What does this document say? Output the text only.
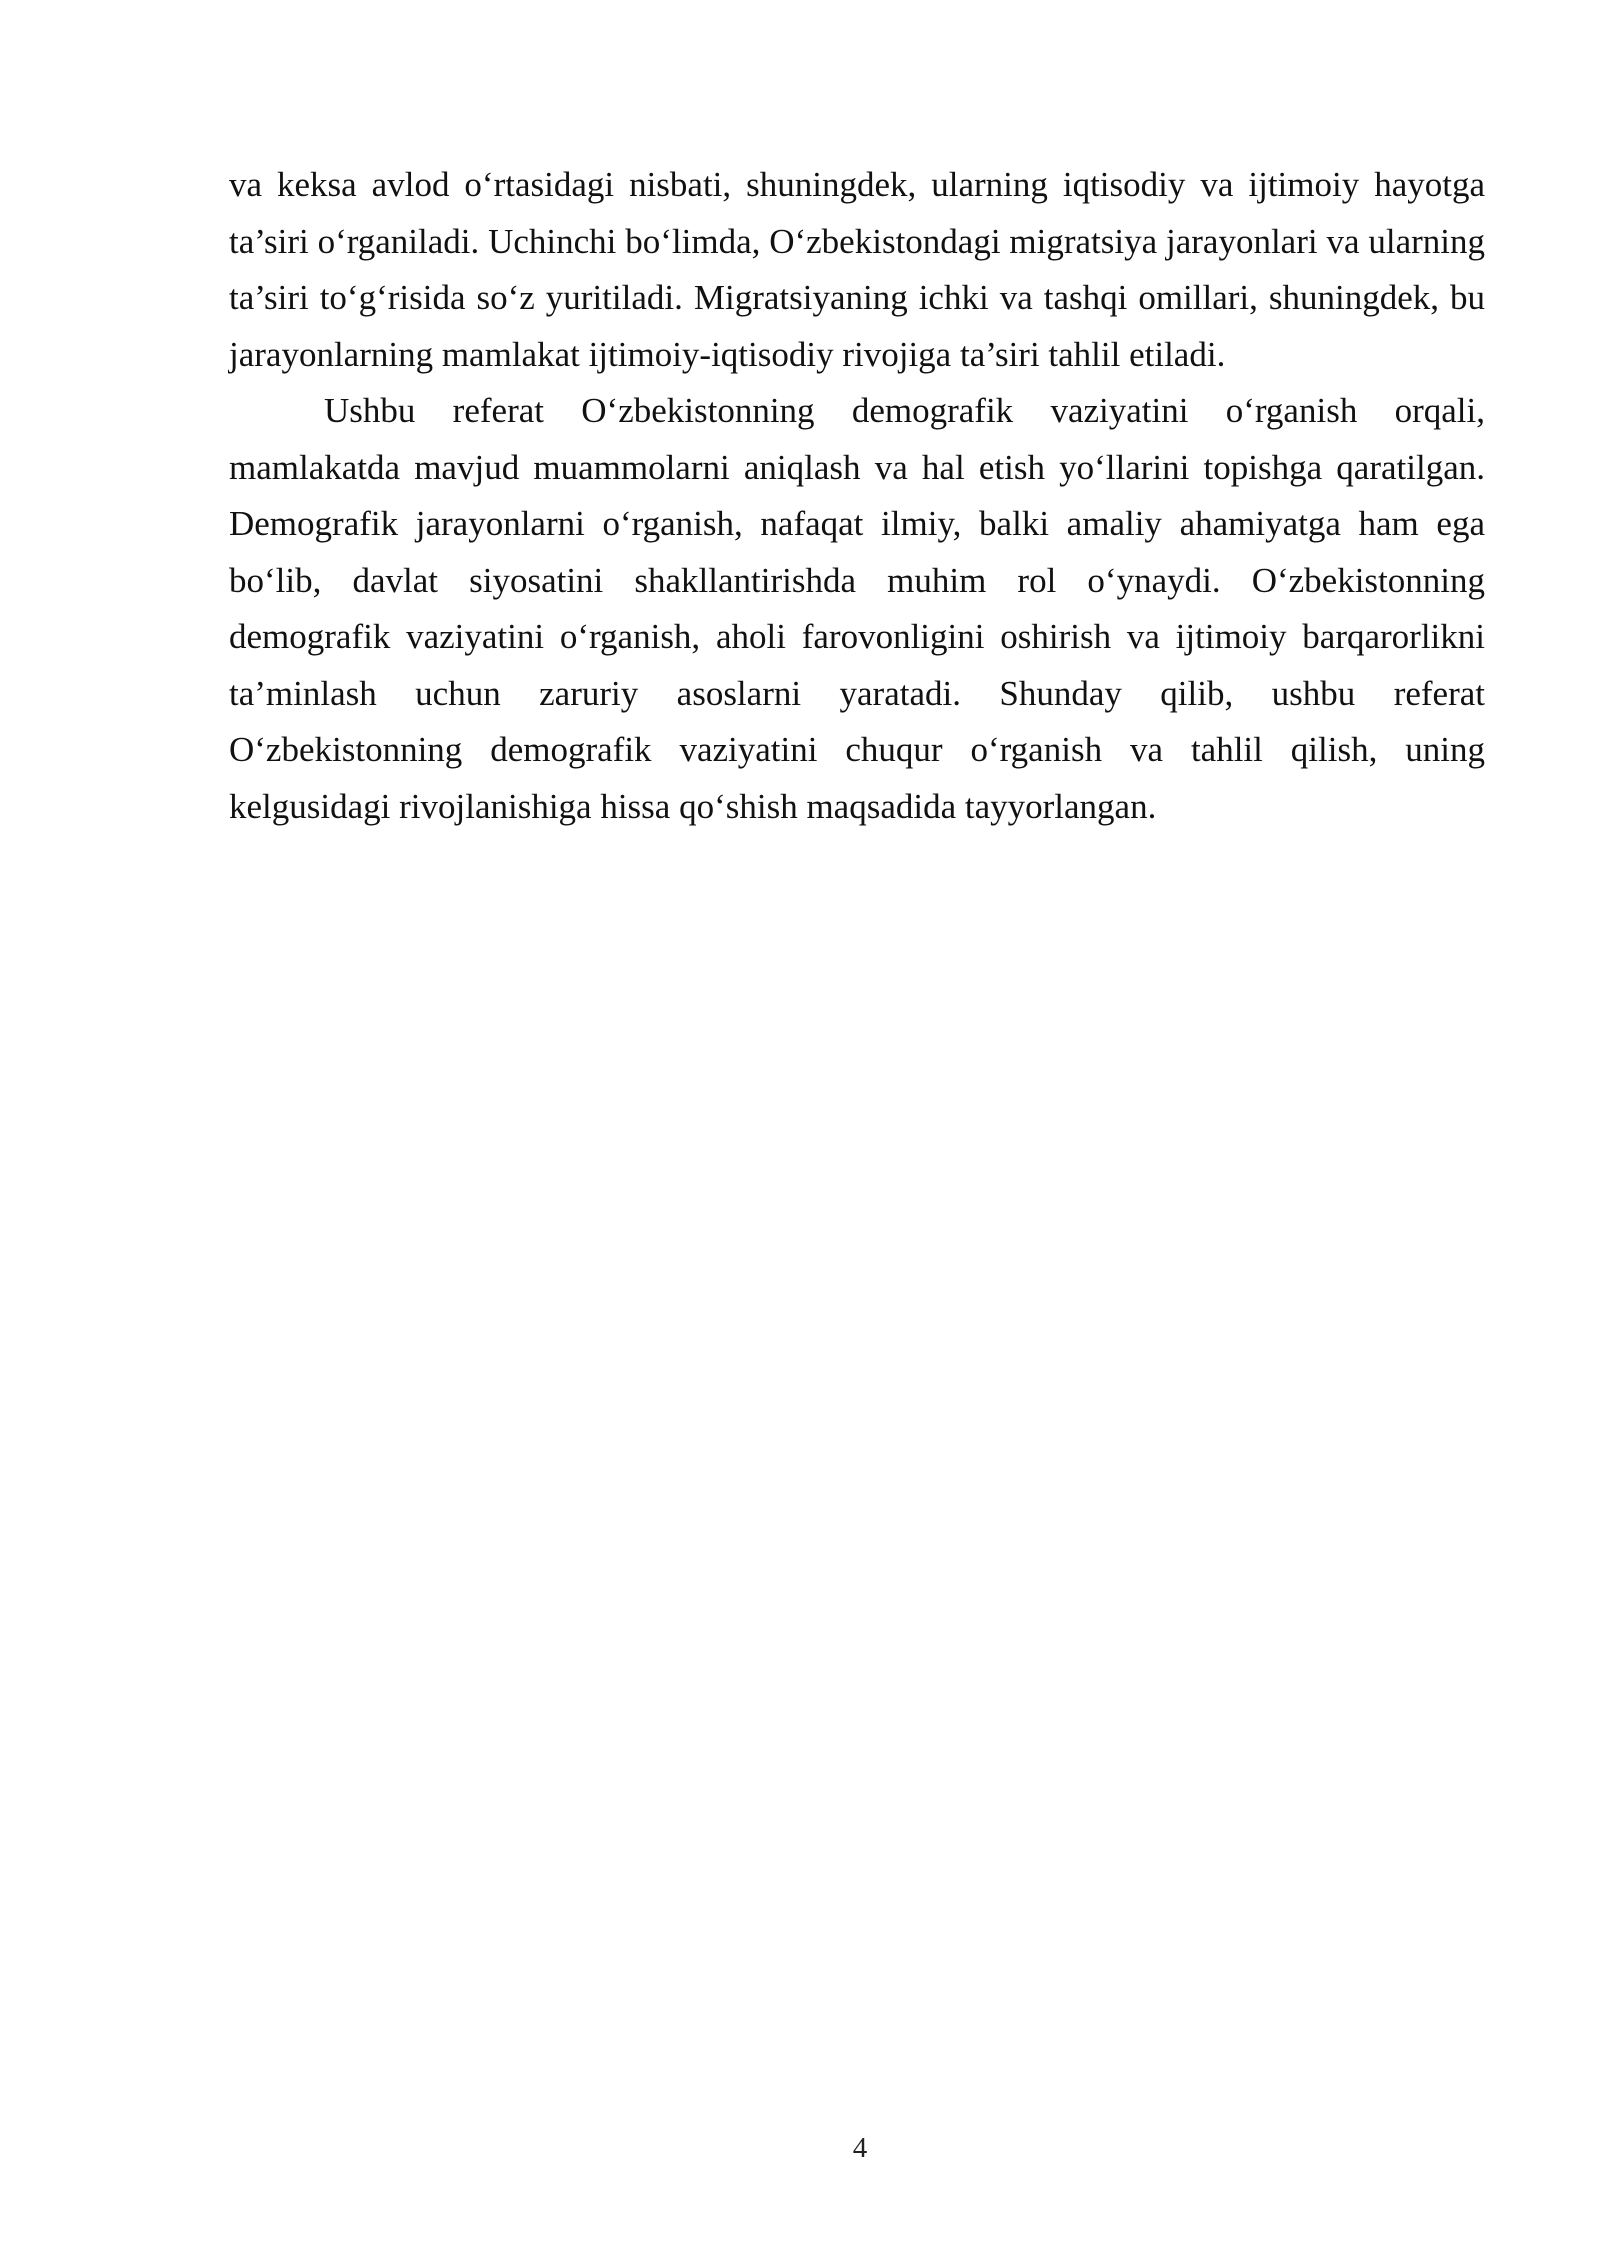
va keksa avlod o‘rtasidagi nisbati, shuningdek, ularning iqtisodiy va ijtimoiy hayotga ta’siri o‘rganiladi. Uchinchi bo‘limda, O‘zbekistondagi migratsiya jarayonlari va ularning ta’siri to‘g‘risida so‘z yuritiladi. Migratsiyaning ichki va tashqi omillari, shuningdek, bu jarayonlarning mamlakat ijtimoiy-iqtisodiy rivojiga ta’siri tahlil etiladi.

Ushbu referat O‘zbekistonning demografik vaziyatini o‘rganish orqali, mamlakatda mavjud muammolarni aniqlash va hal etish yo‘llarini topishga qaratilgan. Demografik jarayonlarni o‘rganish, nafaqat ilmiy, balki amaliy ahamiyatga ham ega bo‘lib, davlat siyosatini shakllantirishda muhim rol o‘ynaydi. O‘zbekistonning demografik vaziyatini o‘rganish, aholi farovonligini oshirish va ijtimoiy barqarorlikni ta’minlash uchun zaruriy asoslarni yaratadi. Shunday qilib, ushbu referat O‘zbekistonning demografik vaziyatini chuqur o‘rganish va tahlil qilish, uning kelgusidagi rivojlanishiga hissa qo‘shish maqsadida tayyorlangan.

4
